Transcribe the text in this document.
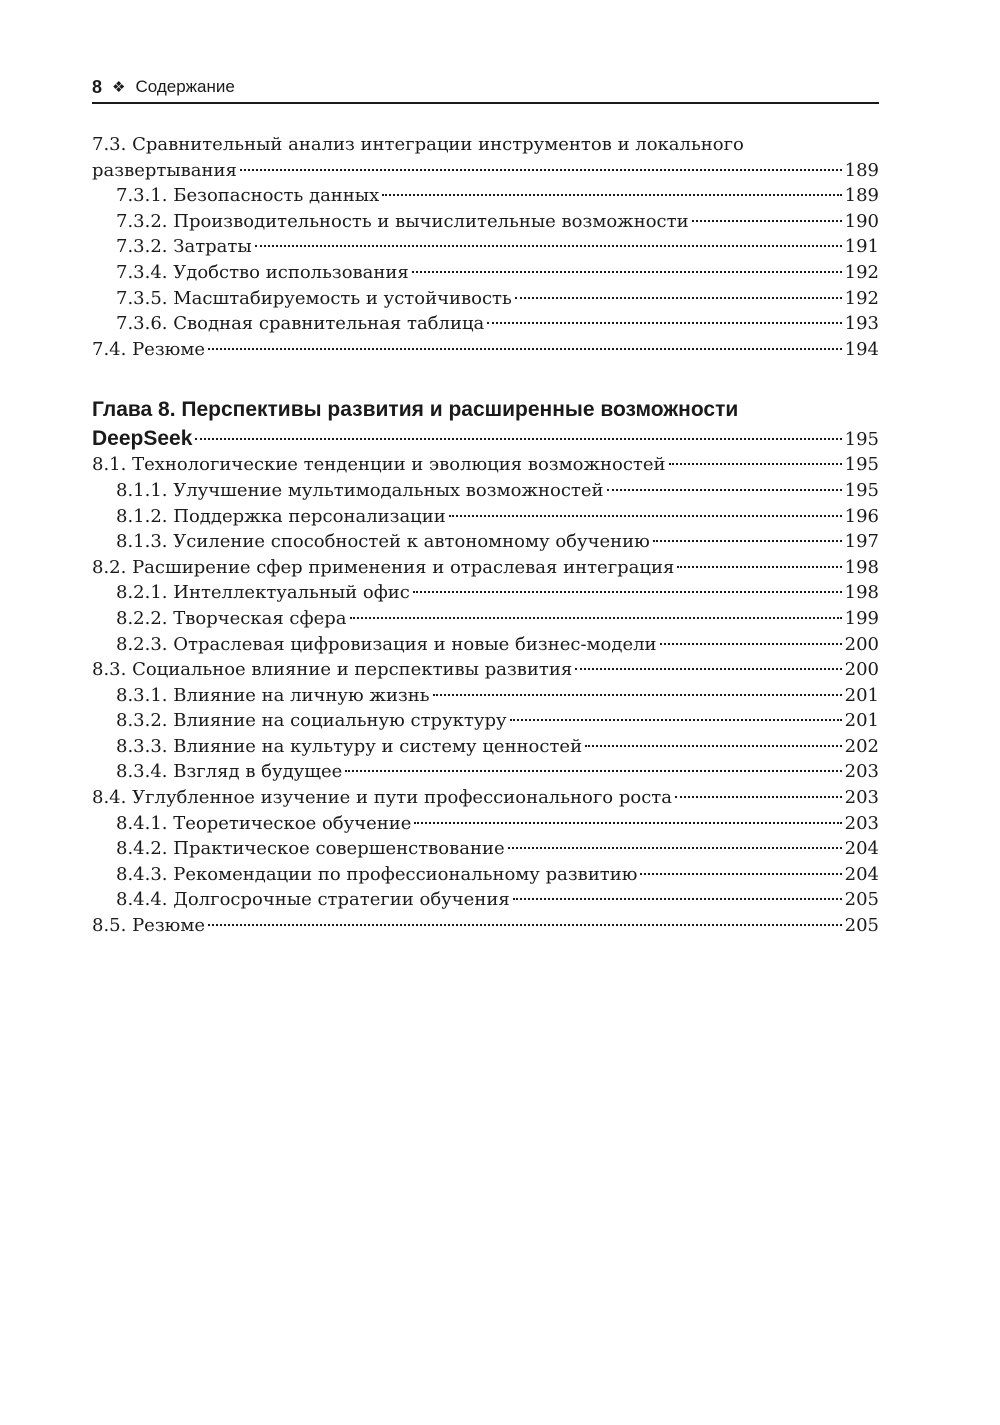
8 ❖ Содержание
7.3. Сравнительный анализ интеграции инструментов и локального
развертывания	189
7.3.1. Безопасность данных	189
7.3.2. Производительность и вычислительные возможности	190
7.3.2. Затраты	191
7.3.4. Удобство использования	192
7.3.5. Масштабируемость и устойчивость	192
7.3.6. Сводная сравнительная таблица	193
7.4. Резюме	194
Глава 8. Перспективы развития и расширенные возможности
DeepSeek	195
8.1. Технологические тенденции и эволюция возможностей	195
8.1.1. Улучшение мультимодальных возможностей	195
8.1.2. Поддержка персонализации	196
8.1.3. Усиление способностей к автономному обучению	197
8.2. Расширение сфер применения и отраслевая интеграция	198
8.2.1. Интеллектуальный офис	198
8.2.2. Творческая сфера	199
8.2.3. Отраслевая цифровизация и новые бизнес-модели	200
8.3. Социальное влияние и перспективы развития	200
8.3.1. Влияние на личную жизнь	201
8.3.2. Влияние на социальную структуру	201
8.3.3. Влияние на культуру и систему ценностей	202
8.3.4. Взгляд в будущее	203
8.4. Углубленное изучение и пути профессионального роста	203
8.4.1. Теоретическое обучение	203
8.4.2. Практическое совершенствование	204
8.4.3. Рекомендации по профессиональному развитию	204
8.4.4. Долгосрочные стратегии обучения	205
8.5. Резюме	205
